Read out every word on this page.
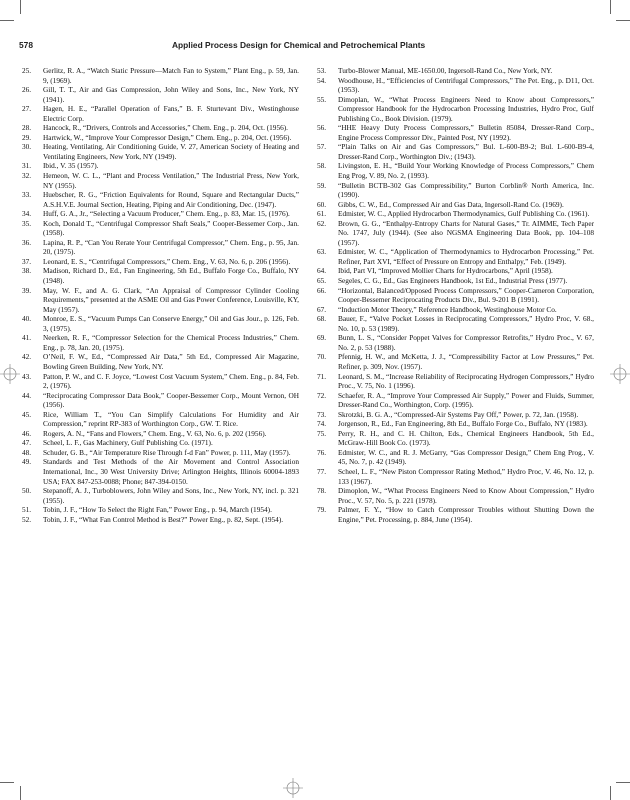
578	Applied Process Design for Chemical and Petrochemical Plants

25. Gerlitz, R. A., “Watch Static Pressure—Match Fan to System,” Plant Eng., p. 59, Jan. 9, (1969).

26. Gill, T. T., Air and Gas Compression, John Wiley and Sons, Inc., New York, NY (1941).

27. Hagen, H. E., “Parallel Operation of Fans,” B. F. Sturtevant Div., Westinghouse Electric Corp.

28. Hancock, R., “Drivers, Controls and Accessories,” Chem. Eng., p. 204, Oct. (1956).

29. Hartwick, W., “Improve Your Compressor Design,” Chem. Eng., p. 204, Oct. (1956).

30. Heating, Ventilating, Air Conditioning Guide, V. 27, American Society of Heating and Ventilating Engineers, New York, NY (1949).

31. Ibid., V. 35 (1957).

32. Hemeon, W. C. L., “Plant and Process Ventilation,” The Industrial Press, New York, NY (1955).

33. Huebscher, R. G., “Friction Equivalents for Round, Square and Rectangular Ducts,” A.S.H.V.E. Journal Section, Heating, Piping and Air Conditioning, Dec. (1947).

34. Huff, G. A., Jr., “Selecting a Vacuum Producer,” Chem. Eng., p. 83, Mar. 15, (1976).

35. Koch, Donald T., “Centrifugal Compressor Shaft Seals,” Cooper-Bessemer Corp., Jan. (1958).

36. Lapina, R. P., “Can You Rerate Your Centrifugal Compressor,” Chem. Eng., p. 95, Jan. 20, (1975).

37. Leonard, E. S., “Centrifugal Compressors,” Chem. Eng., V. 63, No. 6, p. 206 (1956).

38. Madison, Richard D., Ed., Fan Engineering, 5th Ed., Buffalo Forge Co., Buffalo, NY (1948).

39. May, W. F., and A. G. Clark, “An Appraisal of Compressor Cylinder Cooling Requirements,” presented at the ASME Oil and Gas Power Conference, Louisville, KY, May (1957).

40. Monroe, E. S., “Vacuum Pumps Can Conserve Energy,” Oil and Gas Jour., p. 126, Feb. 3, (1975).

41. Neerken, R. F., “Compressor Selection for the Chemical Process Industries,” Chem. Eng., p. 78, Jan. 20, (1975).

42. O’Neil, F. W., Ed., “Compressed Air Data,” 5th Ed., Compressed Air Magazine, Bowling Green Building, New York, NY.

43. Patton, P. W., and C. F. Joyce, “Lowest Cost Vacuum System,” Chem. Eng., p. 84, Feb. 2, (1976).

44. “Reciprocating Compressor Data Book,” Cooper-Bessemer Corp., Mount Vernon, OH (1956).

45. Rice, William T., “You Can Simplify Calculations For Humidity and Air Compression,” reprint RP-383 of Worthington Corp., GW. T. Rice.

46. Rogers, A. N., “Fans and Flowers,” Chem. Eng., V. 63, No. 6, p. 202 (1956).

47. Scheel, L. F., Gas Machinery, Gulf Publishing Co. (1971).

48. Schuder, G. B., “Air Temperature Rise Through f-d Fan” Power, p. 111, May (1957).

49. Standards and Test Methods of the Air Movement and Control Association International, Inc., 30 West University Drive; Arlington Heights, Illinois 60004-1893 USA; FAX 847-253-0088; Phone; 847-394-0150.

50. Stepanoff, A. J., Turboblowers, John Wiley and Sons, Inc., New York, NY, incl. p. 321 (1955).

51. Tobin, J. F., “How To Select the Right Fan,” Power Eng., p. 94, March (1954).

52. Tobin, J. F., “What Fan Control Method is Best?” Power Eng., p. 82, Sept. (1954).

53. Turbo-Blower Manual, ME-1650.00, Ingersoll-Rand Co., New York, NY.

54. Woodhouse, H., “Efficiencies of Centrifugal Compressors,” The Pet. Eng., p. D11, Oct. (1953).

55. Dimoplan, W., “What Process Engineers Need to Know about Compressors,” Compressor Handbook for the Hydrocarbon Processing Industries, Hydro Proc, Gulf Publishing Co., Book Division. (1979).

56. “HHE Heavy Duty Process Compressors,” Bulletin 85084, Dresser-Rand Corp., Engine Process Compressor Div., Painted Post, NY (1992).

57. “Plain Talks on Air and Gas Compressors,” Bul. L-600-B9-2; Bul. L-600-B9-4, Dresser-Rand Corp., Worthington Div.; (1943).

58. Livingston, E. H., “Build Your Working Knowledge of Process Compressors,” Chem Eng Prog, V. 89, No. 2, (1993).

59. “Bulletin BCTB-302 Gas Compressibility,” Burton Corblin® North America, Inc. (1990).

60. Gibbs, C. W., Ed., Compressed Air and Gas Data, Ingersoll-Rand Co. (1969).

61. Edmister, W. C., Applied Hydrocarbon Thermodynamics, Gulf Publishing Co. (1961).

62. Brown, G. G., “Enthalpy-Entropy Charts for Natural Gases,” Tr. AIMME, Tech Paper No. 1747, July (1944). (See also NGSMA Engineering Data Book, pp. 104–108 (1957).

63. Edmister, W. C., “Application of Thermodynamics to Hydrocarbon Processing,” Pet. Refiner, Part XVI, “Effect of Pressure on Entropy and Enthalpy,” Feb. (1949).

64. Ibid, Part VI, “Improved Mollier Charts for Hydrocarbons,” April (1958).

65. Segeles, C. G., Ed., Gas Engineers Handbook, 1st Ed., Industrial Press (1977).

66. “Horizontal, Balanced/Opposed Process Compressors,” Cooper-Cameron Corporation, Cooper-Bessemer Reciprocating Products Div., Bul. 9-201 B (1991).

67. “Induction Motor Theory,” Reference Handbook, Westinghouse Motor Co.

68. Bauer, F., “Valve Pocket Losses in Reciprocating Compressors,” Hydro Proc, V. 68., No. 10, p. 53 (1989).

69. Bunn, L. S., “Consider Poppet Valves for Compressor Retrofits,” Hydro Proc., V. 67, No. 2, p. 53 (1988).

70. Pfennig, H. W., and McKetta, J. J., “Compressibility Factor at Low Pressures,” Pet. Refiner, p. 309, Nov. (1957).

71. Leonard, S. M., “Increase Reliability of Reciprocating Hydrogen Compressors,” Hydro Proc., V. 75, No. 1 (1996).

72. Schaefer, R. A., “Improve Your Compressed Air Supply,” Power and Fluids, Summer, Dresser-Rand Co., Worthington, Corp. (1995).

73. Skrotzki, B. G. A., “Compressed-Air Systems Pay Off,” Power, p. 72, Jan. (1958).

74. Jorgenson, R., Ed., Fan Engineering, 8th Ed., Buffalo Forge Co., Buffalo, NY (1983).

75. Perry, R. H., and C. H. Chilton, Eds., Chemical Engineers Handbook, 5th Ed., McGraw-Hill Book Co. (1973).

76. Edmister, W. C., and R. J. McGarry, “Gas Compressor Design,” Chem Eng Prog., V. 45, No. 7, p. 42 (1949).

77. Scheel, L. F., “New Piston Compressor Rating Method,” Hydro Proc, V. 46, No. 12, p. 133 (1967).

78. Dimoplon, W., “What Process Engineers Need to Know About Compression,” Hydro Proc., V. 57, No. 5, p. 221 (1978).

79. Palmer, F. Y., “How to Catch Compressor Troubles without Shutting Down the Engine,” Pet. Processing, p. 884, June (1954).
